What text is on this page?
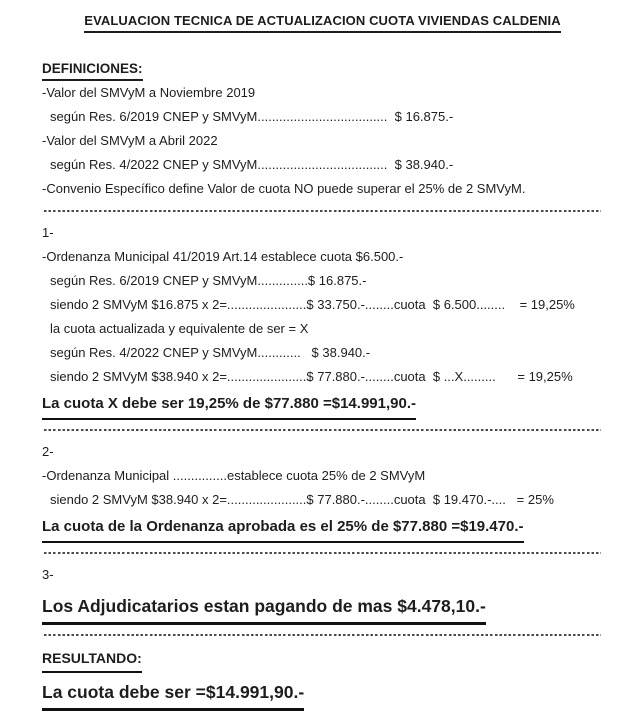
EVALUACION TECNICA DE ACTUALIZACION CUOTA VIVIENDAS CALDENIA
DEFINICIONES:
-Valor del SMVyM a Noviembre 2019
según Res. 6/2019 CNEP y SMVyM....................................  $ 16.875.-
-Valor del SMVyM a Abril 2022
según Res. 4/2022 CNEP y SMVyM....................................  $ 38.940.-
-Convenio Específico define Valor de cuota NO puede superar el 25% de 2 SMVyM.
1-
-Ordenanza Municipal 41/2019 Art.14 establece cuota $6.500.-
según Res. 6/2019 CNEP y SMVyM..............$ 16.875.-
siendo 2 SMVyM $16.875 x 2=......................$ 33.750.-........cuota  $ 6.500........    = 19,25%
la cuota actualizada y equivalente de ser = X
según Res. 4/2022 CNEP y SMVyM............   $ 38.940.-
siendo 2 SMVyM $38.940 x 2=......................$ 77.880.-........cuota  $ ...X.........      = 19,25%
La cuota X debe ser 19,25% de $77.880 =$14.991,90.-
2-
-Ordenanza Municipal ...............establece cuota 25% de 2 SMVyM
siendo 2 SMVyM $38.940 x 2=......................$ 77.880.-........cuota  $ 19.470.-....   = 25%
La cuota de la Ordenanza aprobada es el 25% de $77.880 =$19.470.-
3-
Los Adjudicatarios estan pagando de mas $4.478,10.-
RESULTANDO:
La cuota debe ser =$14.991,90.-
